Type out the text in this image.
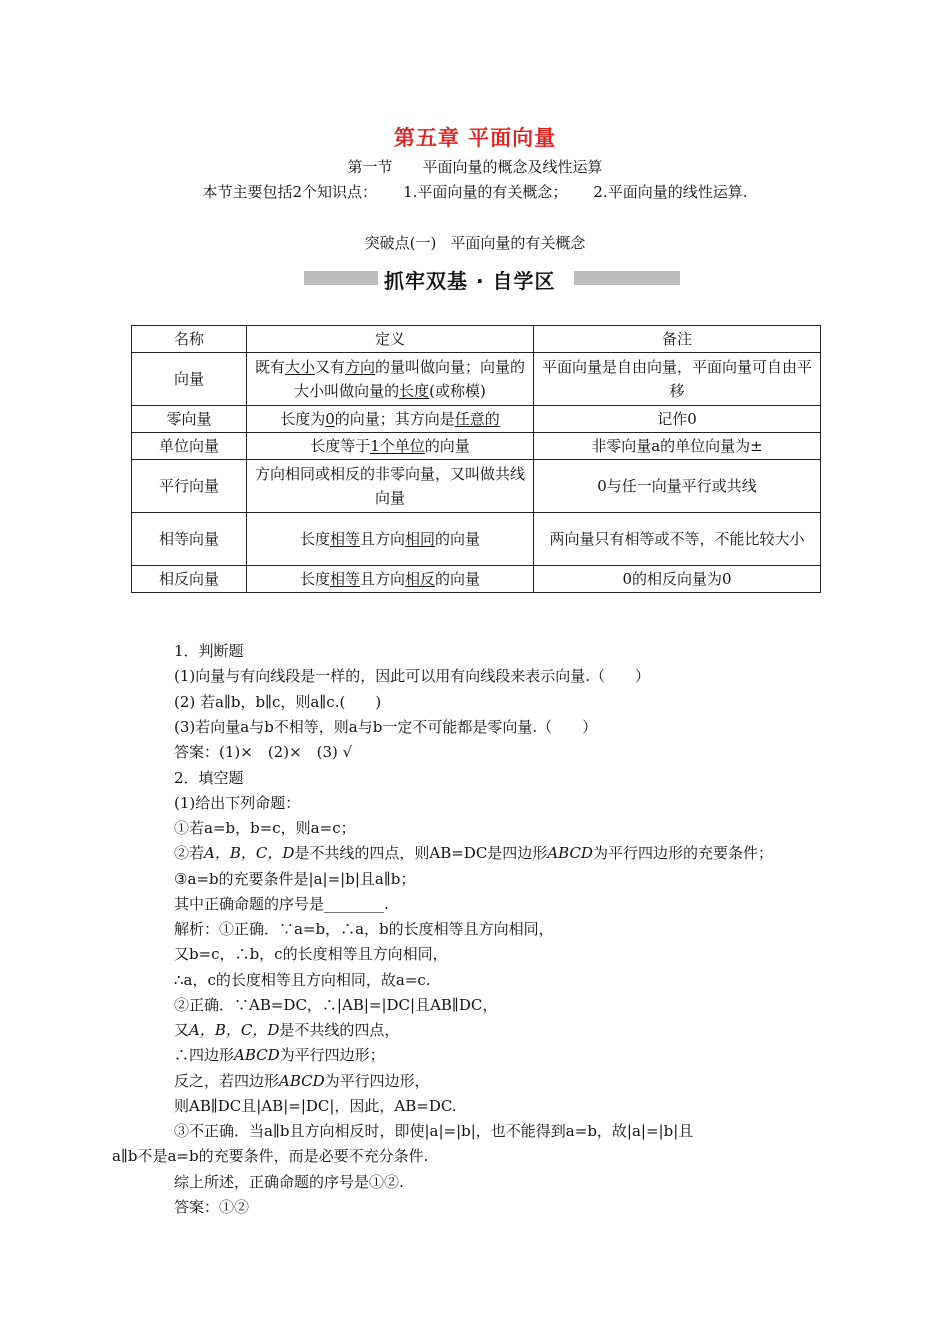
第五章 平面向量
第一节 平面向量的概念及线性运算
本节主要包括2个知识点： 1.平面向量的有关概念； 2.平面向量的线性运算.
突破点(一) 平面向量的有关概念
抓牢双基 · 自学区
名称	定义	备注
向量	既有大小又有方向的量叫做向量；向量的大小叫做向量的长度(或称模)	平面向量是自由向量，平面向量可自由平移
零向量	长度为0的向量；其方向是任意的	记作0
单位向量	长度等于1个单位的向量	非零向量a的单位向量为±
平行向量	方向相同或相反的非零向量，又叫做共线向量	0与任一向量平行或共线
相等向量	长度相等且方向相同的向量	两向量只有相等或不等，不能比较大小
相反向量	长度相等且方向相反的向量	0的相反向量为0
1．判断题
(1)向量与有向线段是一样的，因此可以用有向线段来表示向量.（　　）
(2) 若a∥b，b∥c，则a∥c.(　　)
(3)若向量a与b不相等，则a与b一定不可能都是零向量.（　　）
答案：(1)×　(2)×　(3) √
2．填空题
(1)给出下列命题：
①若a=b，b=c，则a=c；
②若A，B，C，D是不共线的四点，则AB=DC是四边形ABCD为平行四边形的充要条件；
③a=b的充要条件是|a|=|b|且a∥b；
其中正确命题的序号是________.
解析：①正确．∵a=b，∴a，b的长度相等且方向相同，
又b=c，∴b，c的长度相等且方向相同，
∴a，c的长度相等且方向相同，故a=c.
②正确．∵AB=DC，∴|AB|=|DC|且AB∥DC，
又A，B，C，D是不共线的四点，
∴四边形ABCD为平行四边形；
反之，若四边形ABCD为平行四边形，
则AB∥DC且|AB|=|DC|，因此，AB=DC.
③不正确．当a∥b且方向相反时，即使|a|=|b|，也不能得到a=b，故|a|=|b|且
a∥b不是a=b的充要条件，而是必要不充分条件.
综上所述，正确命题的序号是①②.
答案：①②
